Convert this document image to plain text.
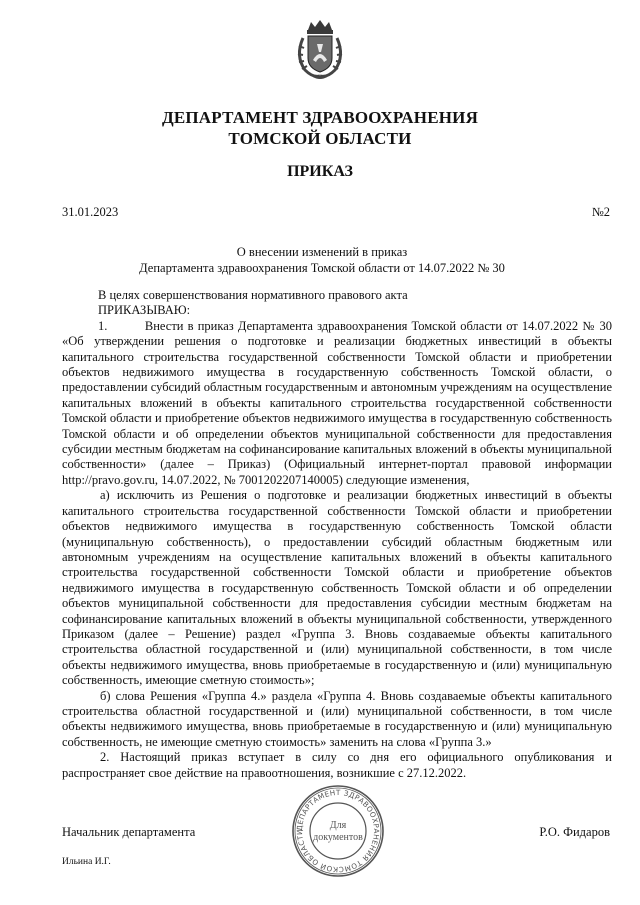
ДЕПАРТАМЕНТ ЗДРАВООХРАНЕНИЯ
ТОМСКОЙ ОБЛАСТИ
ПРИКАЗ
31.01.2023	№2
О внесении изменений в приказ
Департамента здравоохранения Томской области от 14.07.2022 № 30

В целях совершенствования нормативного правового акта

ПРИКАЗЫВАЮ:

1.         Внести в приказ Департамента здравоохранения Томской области от 14.07.2022 № 30 «Об утверждении решения о подготовке и реализации бюджетных инвестиций в объекты капитального строительства государственной собственности Томской области и приобретении объектов недвижимого имущества в государственную собственность Томской области, о предоставлении субсидий областным государственным и автономным учреждениям на осуществление капитальных вложений в объекты капитального строительства государственной собственности Томской области и приобретение объектов недвижимого имущества в государственную собственность Томской области и об определении объектов муниципальной собственности для предоставления субсидии местным бюджетам на софинансирование капитальных вложений в объекты муниципальной собственности» (далее – Приказ) (Официальный интернет-портал правовой информации http://pravo.gov.ru, 14.07.2022, № 7001202207140005) следующие изменения,

а) исключить из Решения о подготовке и реализации бюджетных инвестиций в объекты капитального строительства государственной собственности Томской области и приобретении объектов недвижимого имущества в государственную собственность Томской области (муниципальную собственность), о предоставлении субсидий областным бюджетным или автономным учреждениям на осуществление капитальных вложений в объекты капитального строительства государственной собственности Томской области и приобретение объектов недвижимого имущества в государственную собственность Томской области и об определении объектов муниципальной собственности для предоставления субсидии местным бюджетам на софинансирование капитальных вложений в объекты муниципальной собственности, утвержденного Приказом (далее – Решение) раздел «Группа 3. Вновь создаваемые объекты капитального строительства областной государственной и (или) муниципальной собственности, в том числе объекты недвижимого имущества, вновь приобретаемые в государственную и (или) муниципальную собственность, имеющие сметную стоимость»;

б) слова Решения «Группа 4.» раздела «Группа 4. Вновь создаваемые объекты капитального строительства областной государственной и (или) муниципальной собственности, в том числе объекты недвижимого имущества, вновь приобретаемые в государственную и (или) муниципальную собственность, не имеющие сметную стоимость» заменить на слова «Группа 3.»

2. Настоящий приказ вступает в силу со дня его официального опубликования и распространяет свое действие на правоотношения, возникшие с 27.12.2022.

ДЕПАРТАМЕНТ ЗДРАВООХРАНЕНИЯ ТОМСКОЙ ОБЛАСТИ
Для
документов
Начальник департамента	Р.О. Фидаров
Ильина И.Г.
